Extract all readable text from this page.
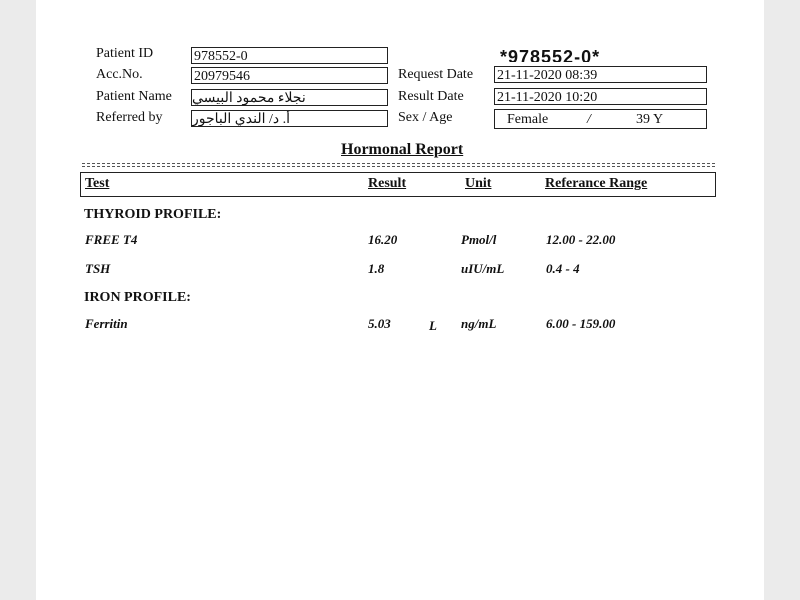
Patient ID	978552-0
Acc.No.	20979546
Patient Name نجلاء محمود البيسي
Referred by أ. د/ الندي الباجور
*978552-0*
Request Date 21-11-2020 08:39
Result Date 21-11-2020 10:20
Sex / Age	Female	/	39 Y
Hormonal Report
Test	Result	Unit	Referance Range
THYROID PROFILE:
FREE T4	16.20	Pmol/l	12.00 - 22.00
TSH	1.8	uIU/mL	0.4 - 4
IRON PROFILE:
Ferritin	5.03	L ng/mL	6.00 - 159.00
